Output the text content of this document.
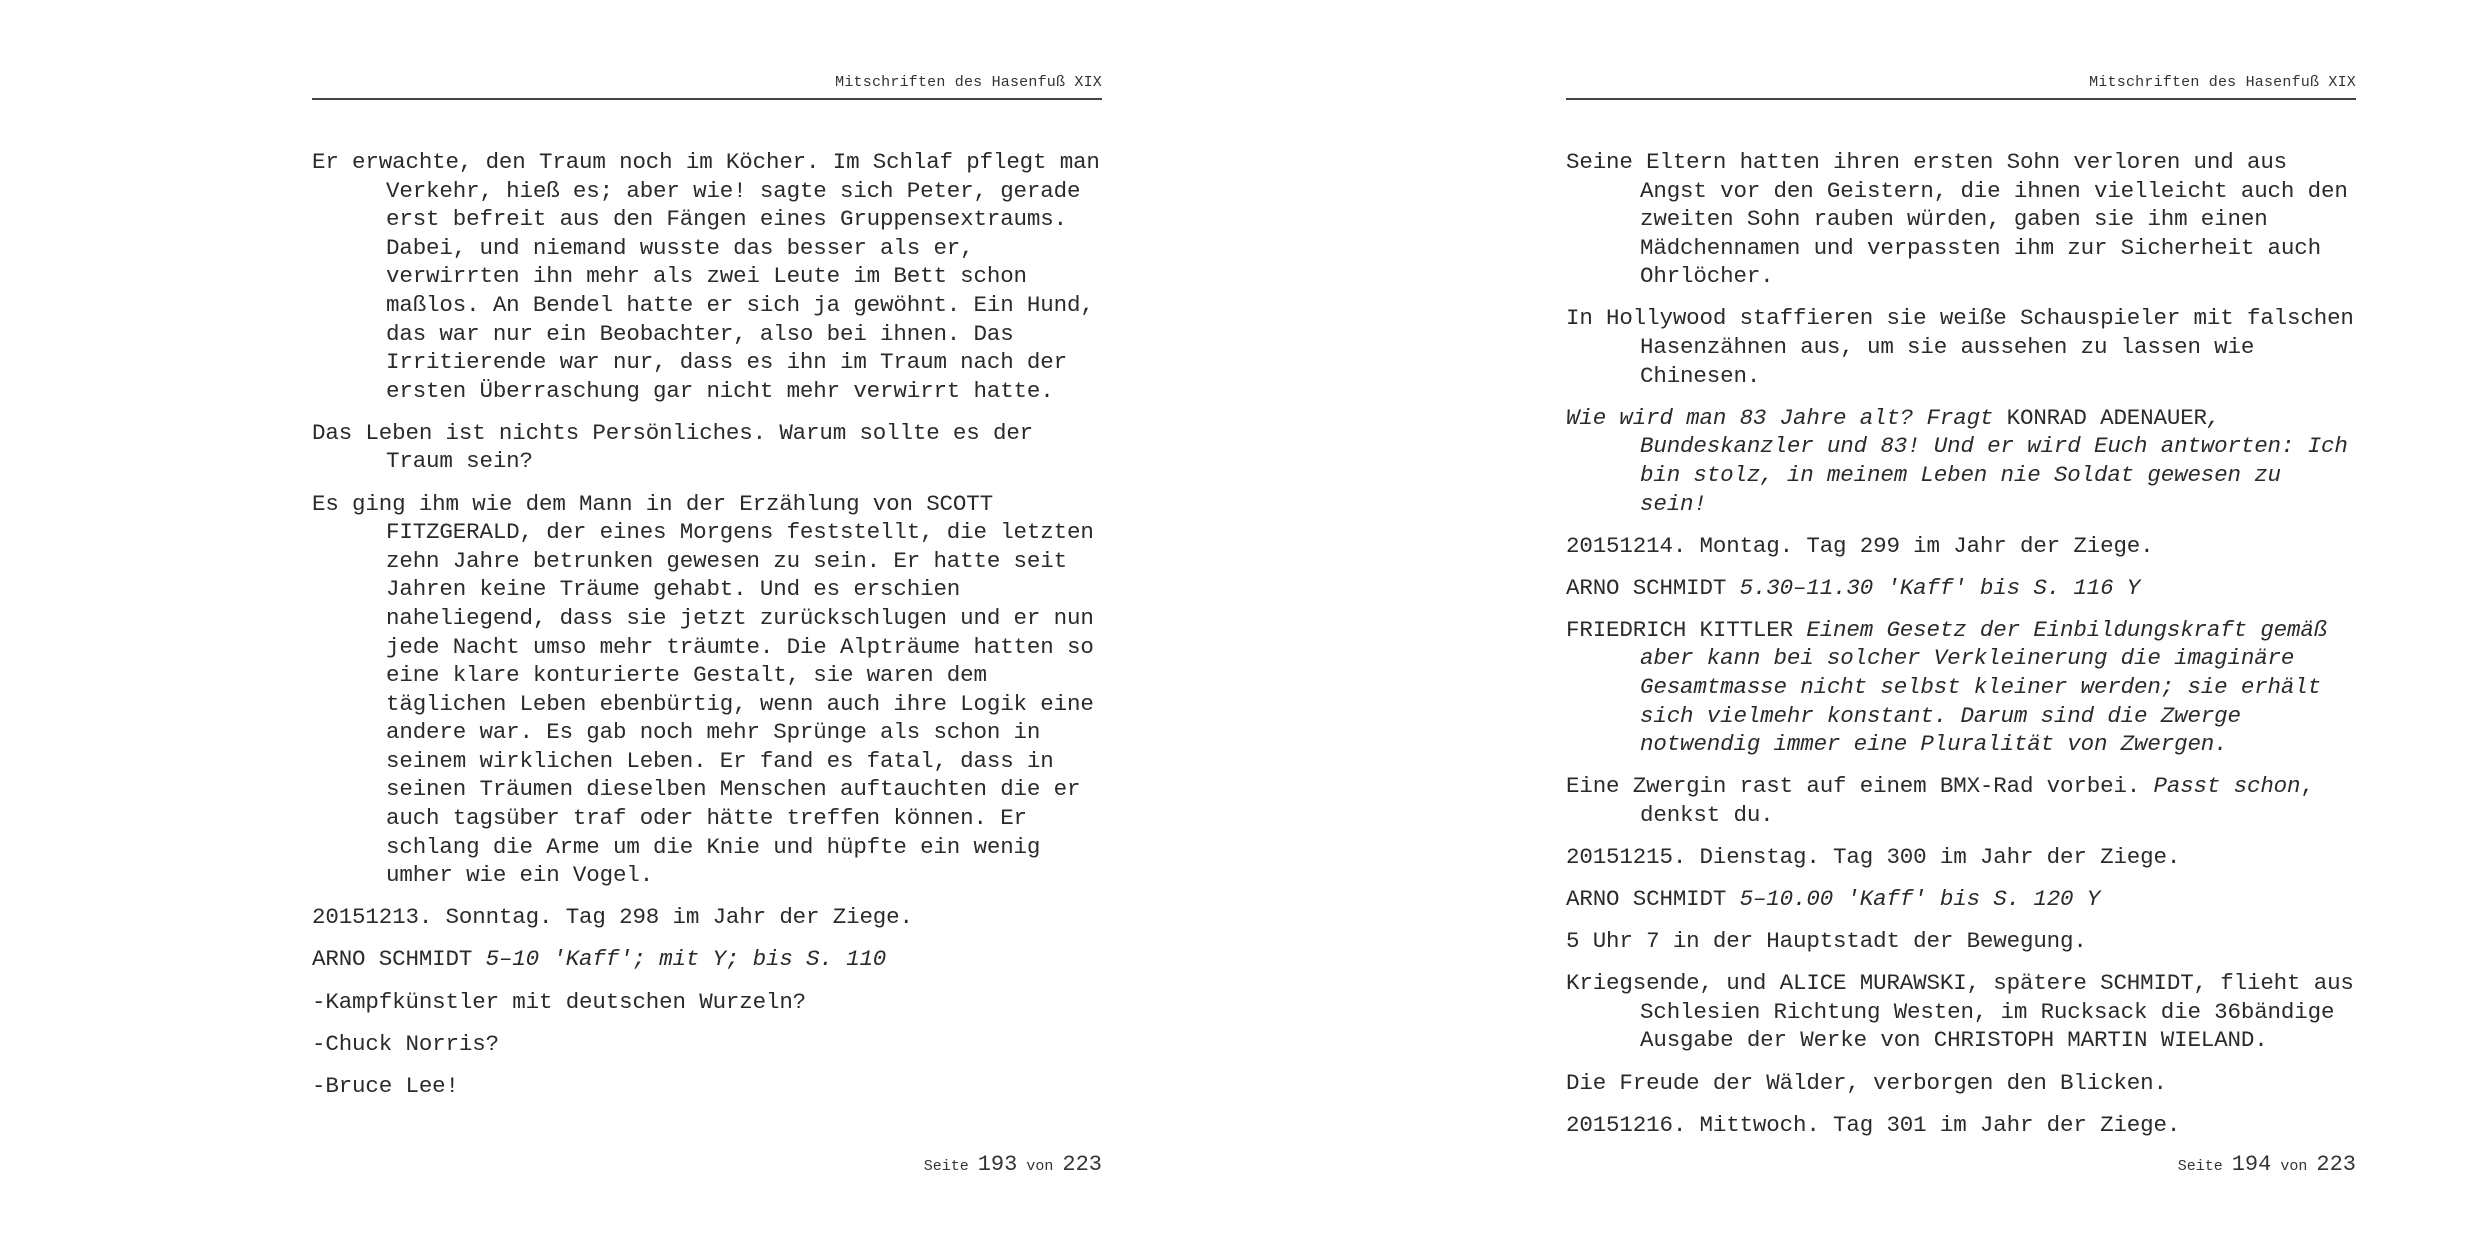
Mitschriften des Hasenfuß XIX

Er erwachte, den Traum noch im Köcher. Im Schlaf pflegt man Verkehr, hieß es; aber wie! sagte sich Peter, gerade erst befreit aus den Fängen eines Gruppensextraums. Dabei, und niemand wusste das besser als er, verwirrten ihn mehr als zwei Leute im Bett schon maßlos. An Bendel hatte er sich ja gewöhnt. Ein Hund, das war nur ein Beobachter, also bei ihnen. Das Irritierende war nur, dass es ihn im Traum nach der ersten Überraschung gar nicht mehr verwirrt hatte.

Das Leben ist nichts Persönliches. Warum sollte es der Traum sein?

Es ging ihm wie dem Mann in der Erzählung von SCOTT FITZGERALD, der eines Morgens feststellt, die letzten zehn Jahre betrunken gewesen zu sein. Er hatte seit Jahren keine Träume gehabt. Und es erschien naheliegend, dass sie jetzt zurückschlugen und er nun jede Nacht umso mehr träumte. Die Alpträume hatten so eine klare konturierte Gestalt, sie waren dem täglichen Leben ebenbürtig, wenn auch ihre Logik eine andere war. Es gab noch mehr Sprünge als schon in seinem wirklichen Leben. Er fand es fatal, dass in seinen Träumen dieselben Menschen auftauchten die er auch tagsüber traf oder hätte treffen können. Er schlang die Arme um die Knie und hüpfte ein wenig umher wie ein Vogel.

20151213. Sonntag. Tag 298 im Jahr der Ziege.

ARNO SCHMIDT 5–10 'Kaff'; mit Y; bis S. 110

-Kampfkünstler mit deutschen Wurzeln?

-Chuck Norris?

-Bruce Lee!

Seite 193 von 223
Mitschriften des Hasenfuß XIX

Seine Eltern hatten ihren ersten Sohn verloren und aus Angst vor den Geistern, die ihnen vielleicht auch den zweiten Sohn rauben würden, gaben sie ihm einen Mädchennamen und verpassten ihm zur Sicherheit auch Ohrlöcher.

In Hollywood staffieren sie weiße Schauspieler mit falschen Hasenzähnen aus, um sie aussehen zu lassen wie Chinesen.

Wie wird man 83 Jahre alt? Fragt KONRAD ADENAUER, Bundeskanzler und 83! Und er wird Euch antworten: Ich bin stolz, in meinem Leben nie Soldat gewesen zu sein!

20151214. Montag. Tag 299 im Jahr der Ziege.

ARNO SCHMIDT 5.30–11.30 'Kaff' bis S. 116 Y

FRIEDRICH KITTLER Einem Gesetz der Einbildungskraft gemäß aber kann bei solcher Verkleinerung die imaginäre Gesamtmasse nicht selbst kleiner werden; sie erhält sich vielmehr konstant. Darum sind die Zwerge notwendig immer eine Pluralität von Zwergen.

Eine Zwergin rast auf einem BMX-Rad vorbei. Passt schon, denkst du.

20151215. Dienstag. Tag 300 im Jahr der Ziege.

ARNO SCHMIDT 5–10.00 'Kaff' bis S. 120 Y

5 Uhr 7 in der Hauptstadt der Bewegung.

Kriegsende, und ALICE MURAWSKI, spätere SCHMIDT, flieht aus Schlesien Richtung Westen, im Rucksack die 36bändige Ausgabe der Werke von CHRISTOPH MARTIN WIELAND.

Die Freude der Wälder, verborgen den Blicken.

20151216. Mittwoch. Tag 301 im Jahr der Ziege.

Seite 194 von 223
